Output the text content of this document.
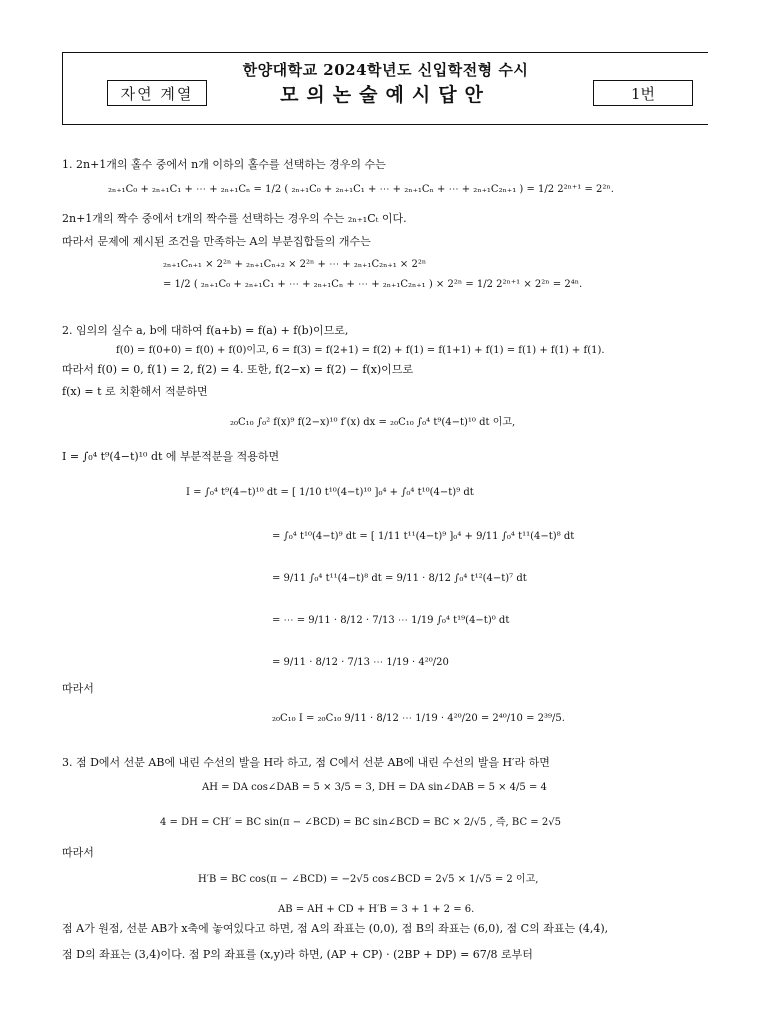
한양대학교 2024학년도 신입학전형 수시
자연 계열	모의논술예시답안	1번
1. 2n+1개의 홀수 중에서 n개 이하의 홀수를 선택하는 경우의 수는
₂ₙ₊₁C₀ + ₂ₙ₊₁C₁ + ⋯ + ₂ₙ₊₁Cₙ = 1/2 ( ₂ₙ₊₁C₀ + ₂ₙ₊₁C₁ + ⋯ + ₂ₙ₊₁Cₙ + ⋯ + ₂ₙ₊₁C₂ₙ₊₁ ) = 1/2 2²ⁿ⁺¹ = 2²ⁿ.
2n+1개의 짝수 중에서 t개의 짝수를 선택하는 경우의 수는 ₂ₙ₊₁Cₜ 이다.
따라서 문제에 제시된 조건을 만족하는 A의 부분집합들의 개수는
₂ₙ₊₁Cₙ₊₁ × 2²ⁿ + ₂ₙ₊₁Cₙ₊₂ × 2²ⁿ + ⋯ + ₂ₙ₊₁C₂ₙ₊₁ × 2²ⁿ
= 1/2 ( ₂ₙ₊₁C₀ + ₂ₙ₊₁C₁ + ⋯ + ₂ₙ₊₁Cₙ + ⋯ + ₂ₙ₊₁C₂ₙ₊₁ ) × 2²ⁿ = 1/2 2²ⁿ⁺¹ × 2²ⁿ = 2⁴ⁿ.
2. 임의의 실수 a, b에 대하여 f(a+b) = f(a) + f(b)이므로,
f(0) = f(0+0) = f(0) + f(0)이고, 6 = f(3) = f(2+1) = f(2) + f(1) = f(1+1) + f(1) = f(1) + f(1) + f(1).
따라서 f(0) = 0, f(1) = 2, f(2) = 4. 또한, f(2−x) = f(2) − f(x)이므로
f(x) = t 로 치환해서 적분하면
₂₀C₁₀ ∫₀² f(x)⁹ f(2−x)¹⁰ f′(x) dx = ₂₀C₁₀ ∫₀⁴ t⁹(4−t)¹⁰ dt 이고,
I = ∫₀⁴ t⁹(4−t)¹⁰ dt 에 부분적분을 적용하면
I = ∫₀⁴ t⁹(4−t)¹⁰ dt = [ 1/10 t¹⁰(4−t)¹⁰ ]₀⁴ + ∫₀⁴ t¹⁰(4−t)⁹ dt
= ∫₀⁴ t¹⁰(4−t)⁹ dt = [ 1/11 t¹¹(4−t)⁹ ]₀⁴ + 9/11 ∫₀⁴ t¹¹(4−t)⁸ dt
= 9/11 ∫₀⁴ t¹¹(4−t)⁸ dt = 9/11 · 8/12 ∫₀⁴ t¹²(4−t)⁷ dt
= ⋯ = 9/11 · 8/12 · 7/13 ⋯ 1/19 ∫₀⁴ t¹⁹(4−t)⁰ dt
= 9/11 · 8/12 · 7/13 ⋯ 1/19 · 4²⁰/20
따라서
₂₀C₁₀ I = ₂₀C₁₀ 9/11 · 8/12 ⋯ 1/19 · 4²⁰/20 = 2⁴⁰/10 = 2³⁹/5.
3. 점 D에서 선분 AB에 내린 수선의 발을 H라 하고, 점 C에서 선분 AB에 내린 수선의 발을 H′라 하면
AH = DA cos∠DAB = 5 × 3/5 = 3, DH = DA sin∠DAB = 5 × 4/5 = 4
4 = DH = CH′ = BC sin(π − ∠BCD) = BC sin∠BCD = BC × 2/√5 , 즉, BC = 2√5
따라서
H′B = BC cos(π − ∠BCD) = −2√5 cos∠BCD = 2√5 × 1/√5 = 2 이고,
AB = AH + CD + H′B = 3 + 1 + 2 = 6.
점 A가 원점, 선분 AB가 x축에 놓여있다고 하면, 점 A의 좌표는 (0,0), 점 B의 좌표는 (6,0), 점 C의 좌표는 (4,4),
점 D의 좌표는 (3,4)이다. 점 P의 좌표를 (x,y)라 하면, (AP + CP) · (2BP + DP) = 67/8 로부터
